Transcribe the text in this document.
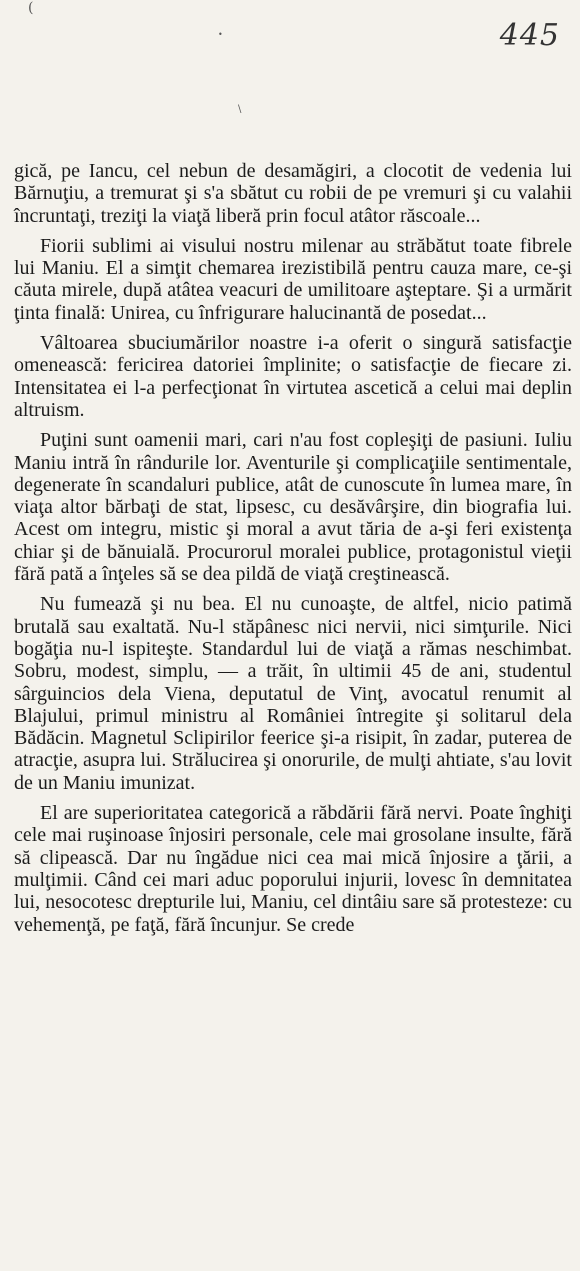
(
•
\
445

gică, pe Iancu, cel nebun de desamăgiri, a clocotit de vedenia lui Bărnuţiu, a tremurat şi s'a sbătut cu robii de pe vremuri şi cu valahii încruntaţi, treziţi la viaţă liberă prin focul atâtor răscoale...

Fiorii sublimi ai visului nostru milenar au străbătut toate fibrele lui Maniu. El a simţit chemarea irezistibilă pentru cauza mare, ce-şi căuta mirele, după atâtea veacuri de umilitoare aşteptare. Şi a urmărit ţinta finală: Unirea, cu înfrigurare halucinantă de posedat...

Vâltoarea sbuciumărilor noastre i-a oferit o singură satisfacţie omenească: fericirea datoriei împlinite; o satisfacţie de fiecare zi. Intensitatea ei l-a perfecţionat în virtutea ascetică a celui mai deplin altruism.

Puţini sunt oamenii mari, cari n'au fost copleşiţi de pasiuni. Iuliu Maniu intră în rândurile lor. Aventurile şi complicaţiile sentimentale, degenerate în scandaluri publice, atât de cunoscute în lumea mare, în viaţa altor bărbaţi de stat, lipsesc, cu desăvârşire, din biografia lui. Acest om integru, mistic şi moral a avut tăria de a-şi feri existenţa chiar şi de bănuială. Procurorul moralei publice, protagonistul vieţii fără pată a înţeles să se dea pildă de viaţă creştinească.

Nu fumează şi nu bea. El nu cunoaşte, de altfel, nicio patimă brutală sau exaltată. Nu-l stăpânesc nici nervii, nici simţurile. Nici bogăţia nu-l ispiteşte. Standardul lui de viaţă a rămas neschimbat. Sobru, modest, simplu, — a trăit, în ultimii 45 de ani, studentul sârguincios dela Viena, deputatul de Vinţ, avocatul renumit al Blajului, primul ministru al României întregite şi solitarul dela Bădăcin. Magnetul Sclipirilor feerice şi-a risipit, în zadar, puterea de atracţie, asupra lui. Strălucirea şi onorurile, de mulţi ahtiate, s'au lovit de un Maniu imunizat.

El are superioritatea categorică a răbdării fără nervi. Poate înghiţi cele mai ruşinoase înjosiri personale, cele mai grosolane insulte, fără să clipească. Dar nu îngădue nici cea mai mică înjosire a ţării, a mulţimii. Când cei mari aduc poporului injurii, lovesc în demnitatea lui, nesocotesc drepturile lui, Maniu, cel dintâiu sare să protesteze: cu vehemenţă, pe faţă, fără încunjur. Se crede
